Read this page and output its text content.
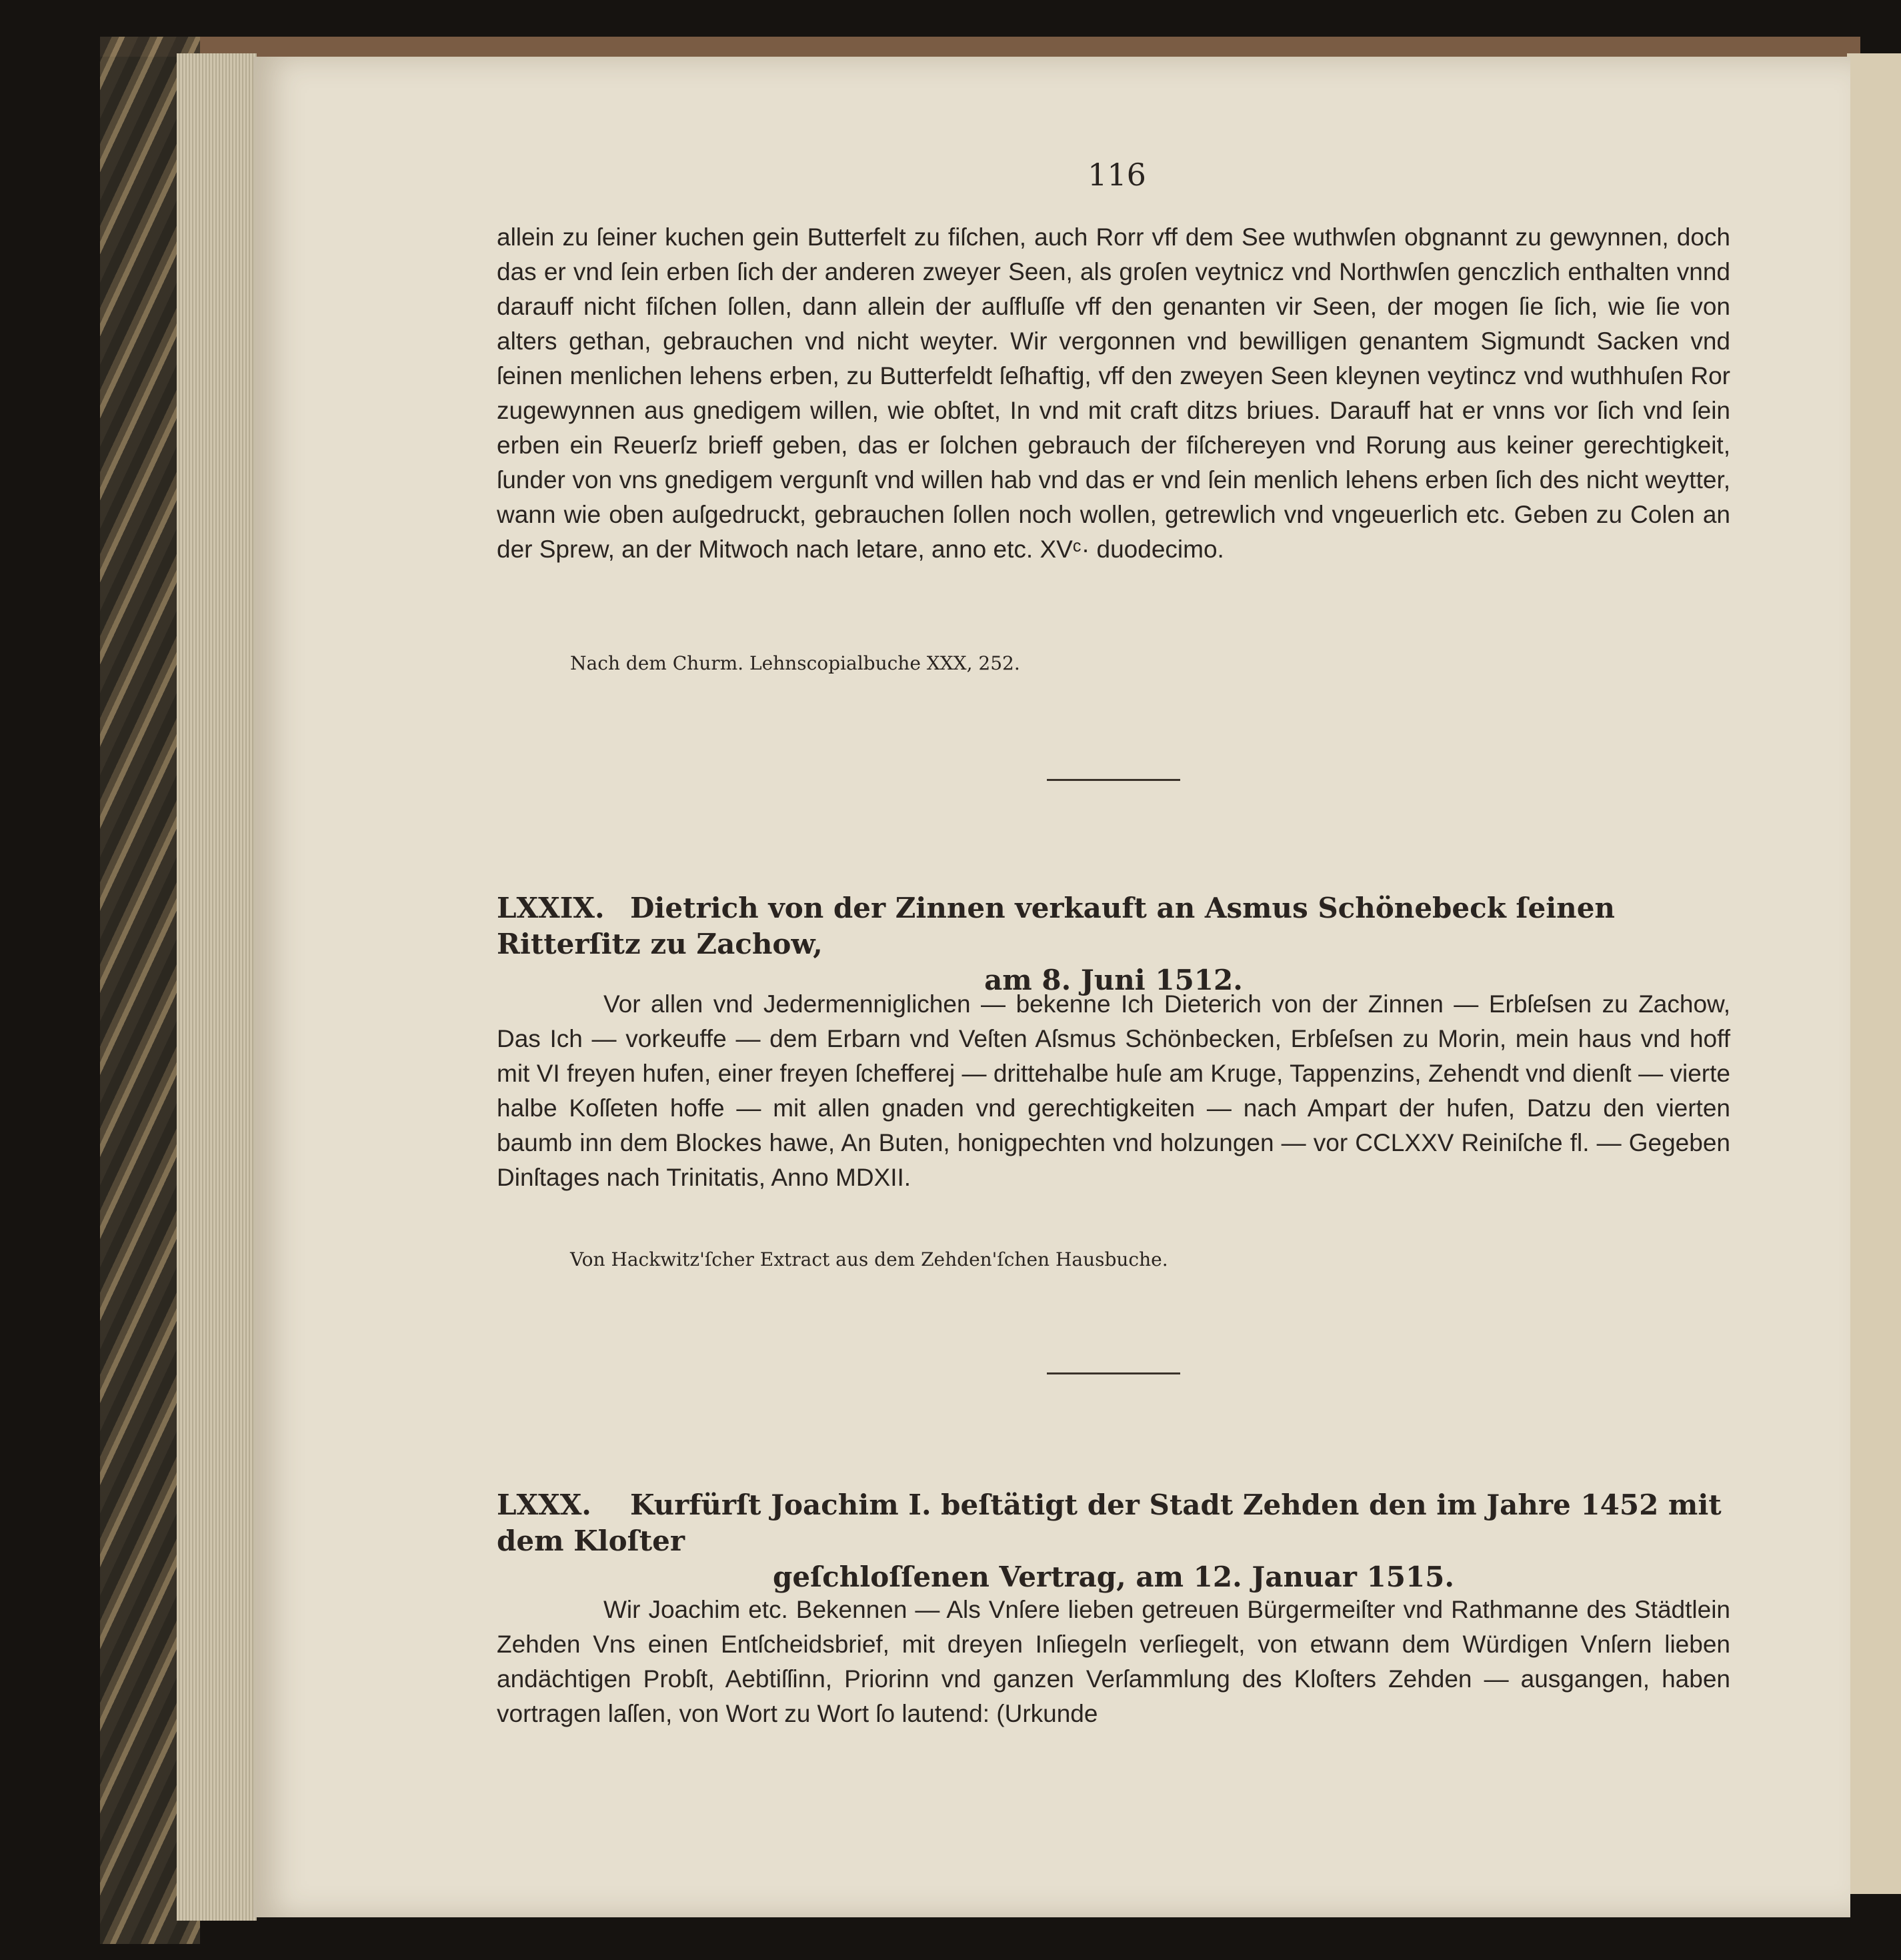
116

allein zu ſeiner kuchen gein Butterfelt zu fiſchen, auch Rorr vff dem See wuthwſen obgnannt zu gewynnen, doch das er vnd ſein erben ſich der anderen zweyer Seen, als groſen veytnicz vnd Northwſen genczlich enthalten vnnd darauff nicht fiſchen ſollen, dann allein der auſfluſſe vff den genanten vir Seen, der mogen ſie ſich, wie ſie von alters gethan, gebrauchen vnd nicht weyter. Wir vergonnen vnd bewilligen genantem Sigmundt Sacken vnd ſeinen menlichen lehens erben, zu Butterfeldt ſeſhaftig, vff den zweyen Seen kleynen veytincz vnd wuthhuſen Ror zugewynnen aus gnedigem willen, wie obſtet, In vnd mit craft ditzs briues. Darauff hat er vnns vor ſich vnd ſein erben ein Reuerſz brieff geben, das er ſolchen gebrauch der fiſchereyen vnd Rorung aus keiner gerechtigkeit, ſunder von vns gnedigem vergunſt vnd willen hab vnd das er vnd ſein menlich lehens erben ſich des nicht weytter, wann wie oben auſgedruckt, gebrauchen ſollen noch wollen, getrewlich vnd vngeuerlich etc. Geben zu Colen an der Sprew, an der Mitwoch nach letare, anno etc. XVᶜ· duodecimo.

Nach dem Churm. Lehnscopialbuche XXX, 252.
LXXIX. Dietrich von der Zinnen verkauft an Asmus Schönebeck ſeinen Ritterſitz zu Zachow,
am 8. Juni 1512.

Vor allen vnd Jedermenniglichen — bekenne Ich Dieterich von der Zinnen — Erbſeſsen zu Zachow, Das Ich — vorkeuffe — dem Erbarn vnd Veſten Aſsmus Schönbecken, Erbſeſsen zu Morin, mein haus vnd hoff mit VI freyen hufen, einer freyen ſchefferej — drittehalbe huſe am Kruge, Tappenzins, Zehendt vnd dienſt — vierte halbe Koſſeten hoffe — mit allen gnaden vnd gerechtigkeiten — nach Ampart der hufen, Datzu den vierten baumb inn dem Blockes hawe, An Buten, honigpechten vnd holzungen — vor CCLXXV Reiniſche fl. — Gegeben Dinſtages nach Trinitatis, Anno MDXII.

Von Hackwitz'ſcher Extract aus dem Zehden'ſchen Hausbuche.
LXXX. Kurfürſt Joachim I. beſtätigt der Stadt Zehden den im Jahre 1452 mit dem Kloſter
geſchloſſenen Vertrag, am 12. Januar 1515.

Wir Joachim etc. Bekennen — Als Vnſere lieben getreuen Bürgermeiſter vnd Rathmanne des Städtlein Zehden Vns einen Entſcheidsbrief, mit dreyen Inſiegeln verſiegelt, von etwann dem Würdigen Vnſern lieben andächtigen Probſt, Aebtiſſinn, Priorinn vnd ganzen Verſammlung des Kloſters Zehden — ausgangen, haben vortragen laſſen, von Wort zu Wort ſo lautend: (Urkunde
